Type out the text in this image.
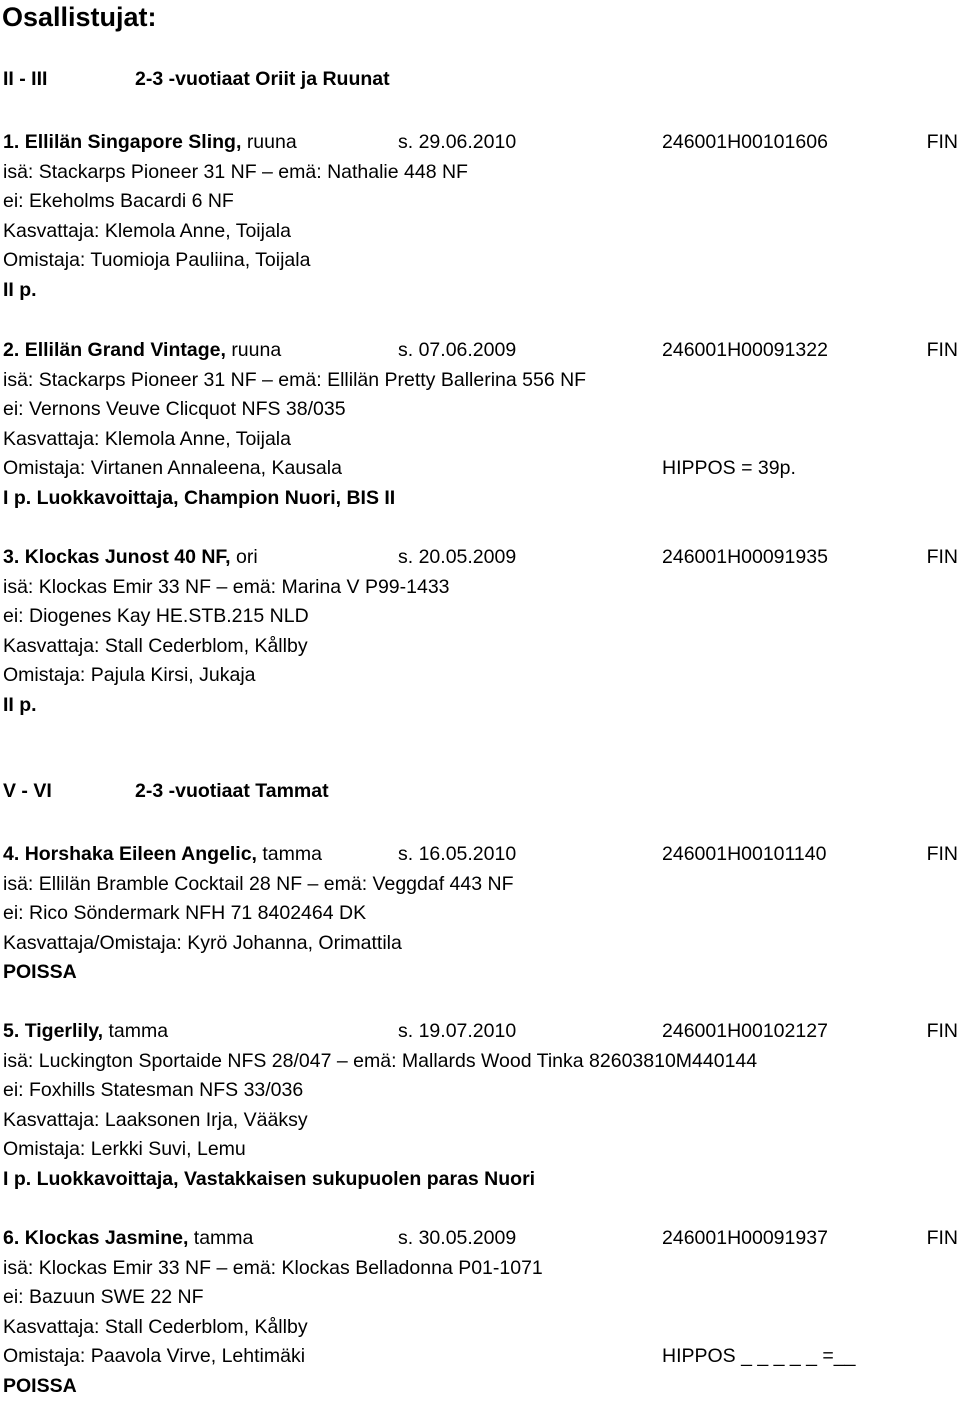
Osallistujat:
II - III	2-3 -vuotiaat Oriit ja Ruunat
1. Ellilän Singapore Sling, ruuna	s. 29.06.2010	246001H00101606	FIN
isä: Stackarps Pioneer 31 NF – emä: Nathalie 448 NF
ei: Ekeholms Bacardi 6 NF
Kasvattaja: Klemola Anne, Toijala
Omistaja: Tuomioja Pauliina, Toijala
II p.
2. Ellilän Grand Vintage, ruuna	s. 07.06.2009	246001H00091322	FIN
isä: Stackarps Pioneer 31 NF – emä: Ellilän Pretty Ballerina 556 NF
ei: Vernons Veuve Clicquot NFS 38/035
Kasvattaja: Klemola Anne, Toijala
Omistaja: Virtanen Annaleena, Kausala	HIPPOS = 39p.
I p. Luokkavoittaja, Champion Nuori, BIS II
3. Klockas Junost 40 NF, ori	s. 20.05.2009	246001H00091935	FIN
isä: Klockas Emir 33 NF – emä: Marina V P99-1433
ei: Diogenes Kay HE.STB.215 NLD
Kasvattaja: Stall Cederblom, Kållby
Omistaja: Pajula Kirsi, Jukaja
II p.
V - VI	2-3 -vuotiaat Tammat
4. Horshaka Eileen Angelic, tamma	s. 16.05.2010	246001H00101140	FIN
isä: Ellilän Bramble Cocktail 28 NF – emä: Veggdaf 443 NF
ei: Rico Söndermark NFH 71 8402464 DK
Kasvattaja/Omistaja: Kyrö Johanna, Orimattila
POISSA
5. Tigerlily, tamma	s. 19.07.2010	246001H00102127	FIN
isä: Luckington Sportaide NFS 28/047 – emä: Mallards Wood Tinka 82603810M440144
ei: Foxhills Statesman NFS 33/036
Kasvattaja: Laaksonen Irja, Vääksy
Omistaja: Lerkki Suvi, Lemu
I p. Luokkavoittaja, Vastakkaisen sukupuolen paras Nuori
6. Klockas Jasmine, tamma	s. 30.05.2009	246001H00091937	FIN
isä: Klockas Emir 33 NF – emä: Klockas Belladonna P01-1071
ei: Bazuun SWE 22 NF
Kasvattaja: Stall Cederblom, Kållby
Omistaja: Paavola Virve, Lehtimäki	HIPPOS _ _ _ _ _ =__
POISSA
